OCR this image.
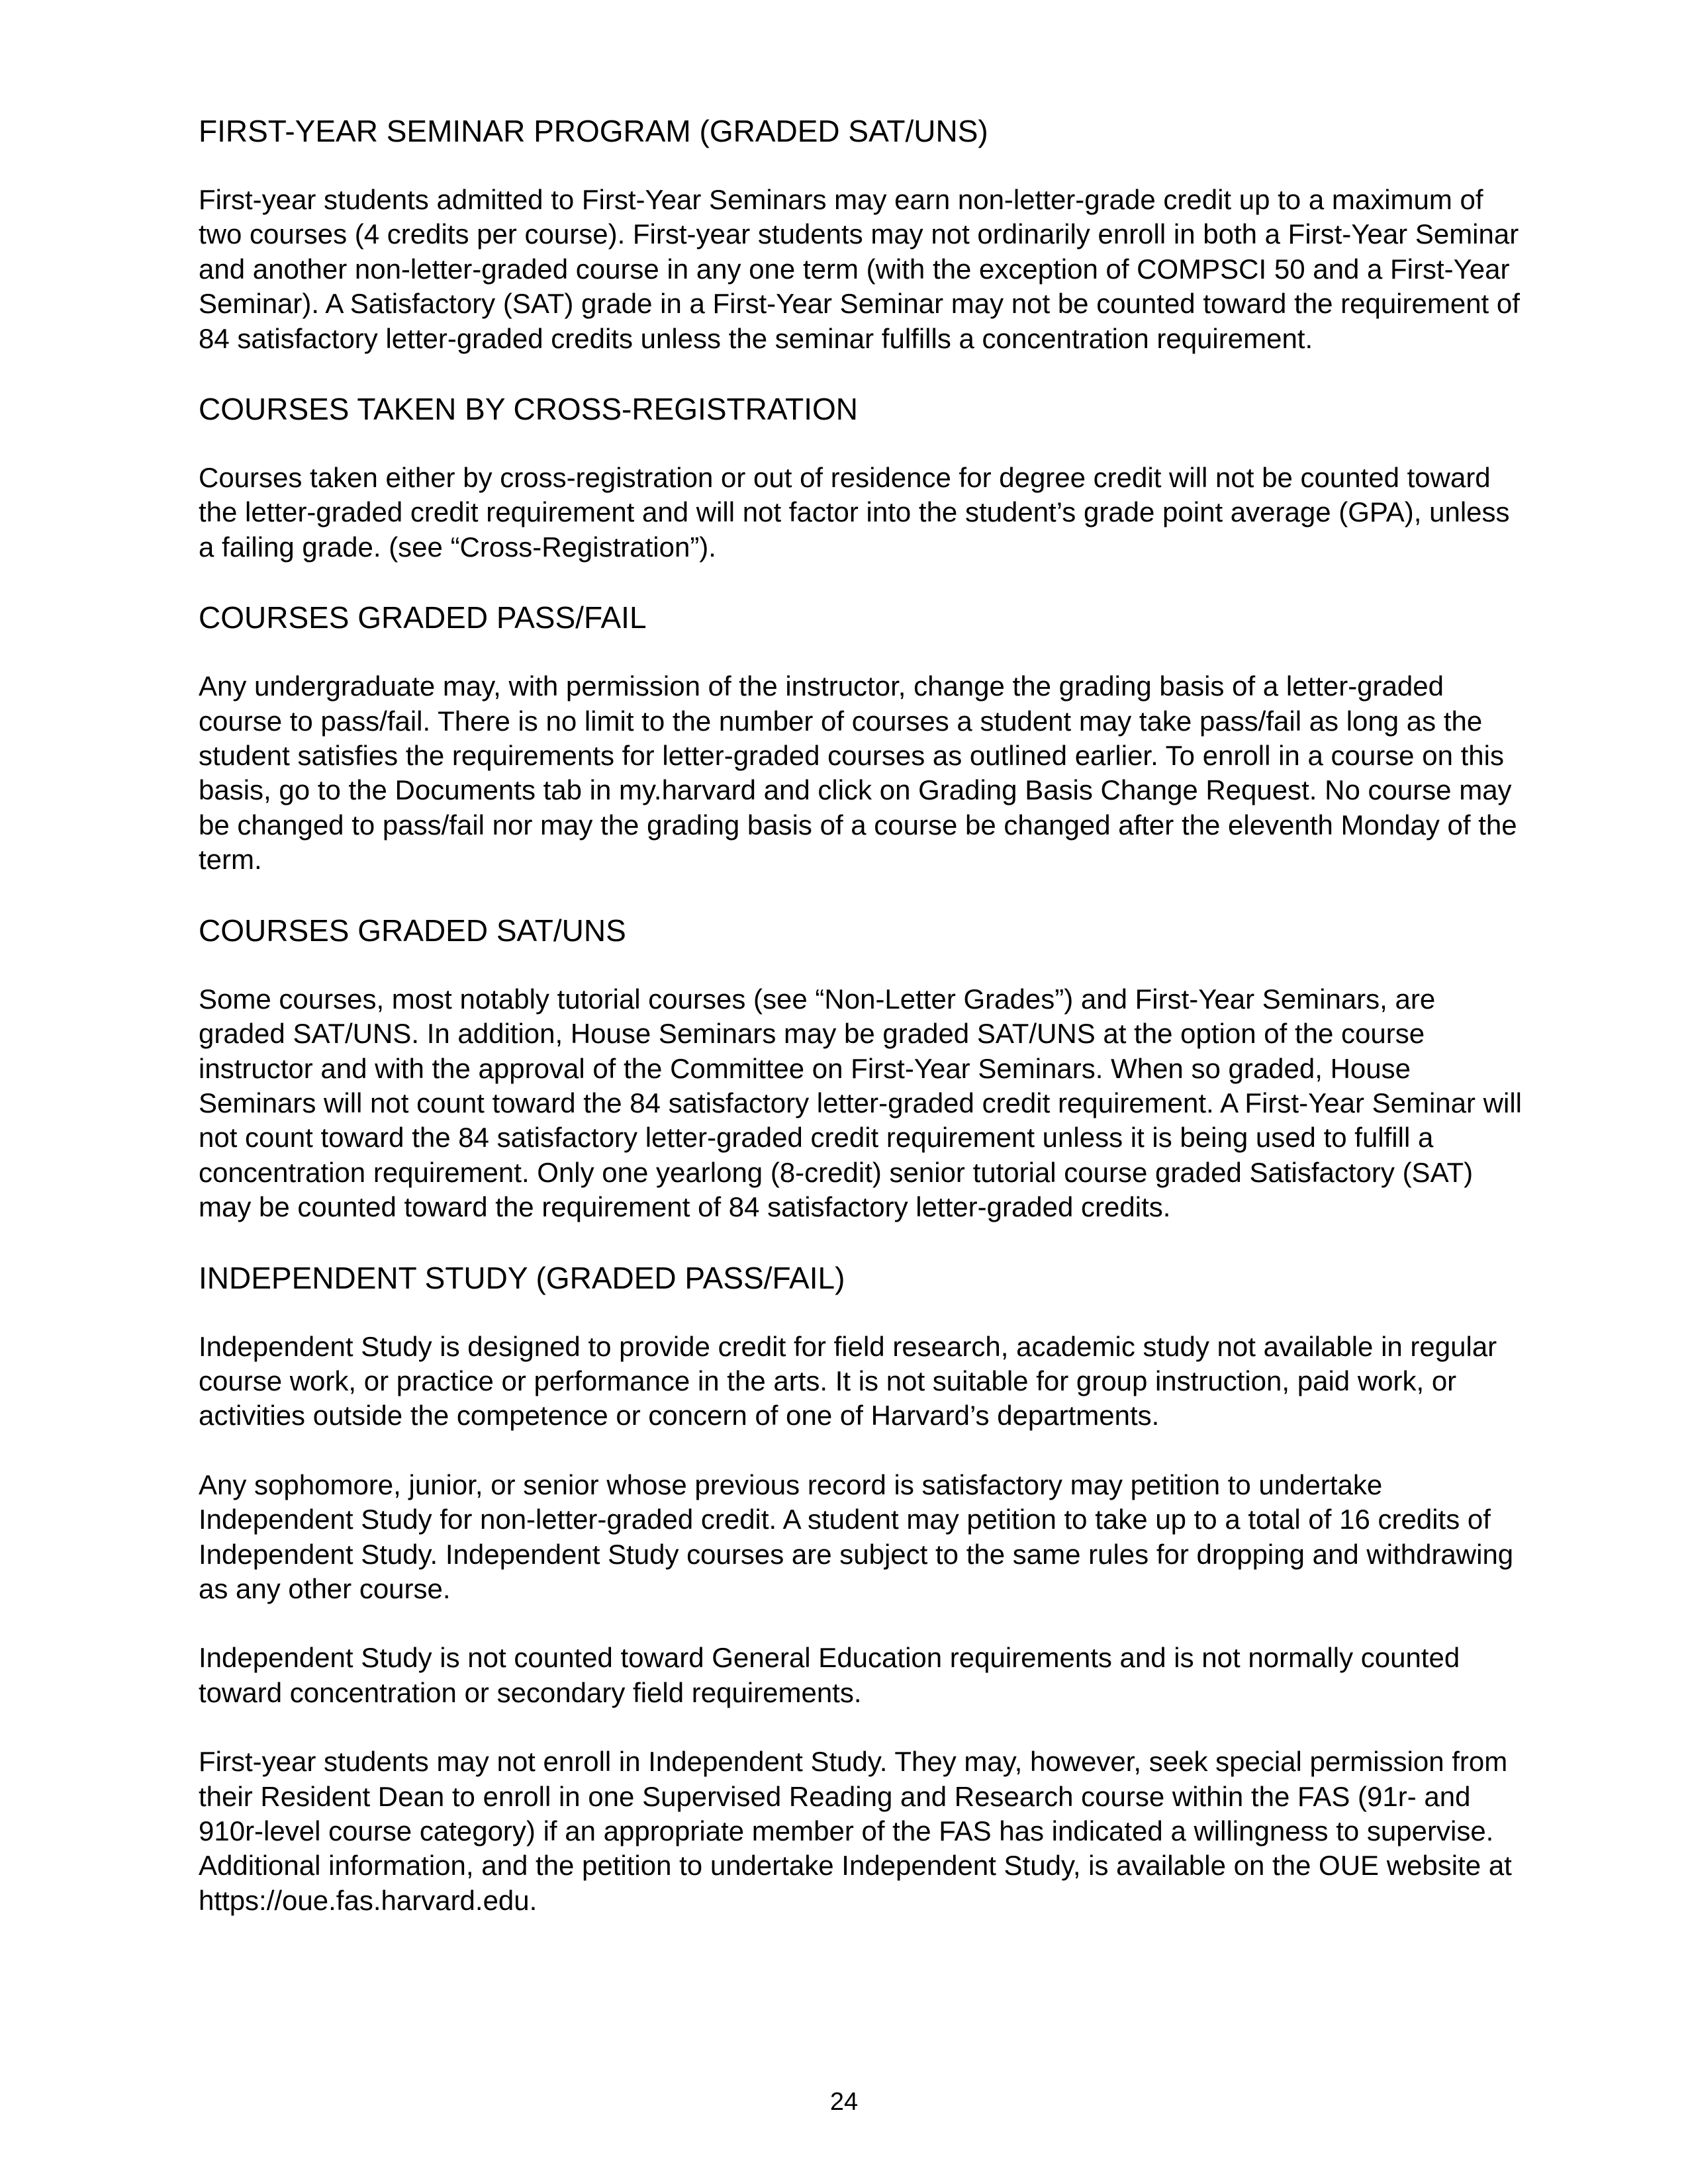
FIRST-YEAR SEMINAR PROGRAM (GRADED SAT/UNS)

First-year students admitted to First-Year Seminars may earn non-letter-grade credit up to a maximum of two courses (4 credits per course). First-year students may not ordinarily enroll in both a First-Year Seminar and another non-letter-graded course in any one term (with the exception of COMPSCI 50 and a First-Year Seminar). A Satisfactory (SAT) grade in a First-Year Seminar may not be counted toward the requirement of 84 satisfactory letter-graded credits unless the seminar fulfills a concentration requirement.

COURSES TAKEN BY CROSS-REGISTRATION

Courses taken either by cross-registration or out of residence for degree credit will not be counted toward the letter-graded credit requirement and will not factor into the student’s grade point average (GPA), unless a failing grade. (see “Cross-Registration”).

COURSES GRADED PASS/FAIL

Any undergraduate may, with permission of the instructor, change the grading basis of a letter-graded course to pass/fail. There is no limit to the number of courses a student may take pass/fail as long as the student satisfies the requirements for letter-graded courses as outlined earlier. To enroll in a course on this basis, go to the Documents tab in my.harvard and click on Grading Basis Change Request. No course may be changed to pass/fail nor may the grading basis of a course be changed after the eleventh Monday of the term.

COURSES GRADED SAT/UNS

Some courses, most notably tutorial courses (see “Non-Letter Grades”) and First-Year Seminars, are graded SAT/UNS. In addition, House Seminars may be graded SAT/UNS at the option of the course instructor and with the approval of the Committee on First-Year Seminars. When so graded, House Seminars will not count toward the 84 satisfactory letter-graded credit requirement. A First-Year Seminar will not count toward the 84 satisfactory letter-graded credit requirement unless it is being used to fulfill a concentration requirement. Only one yearlong (8-credit) senior tutorial course graded Satisfactory (SAT) may be counted toward the requirement of 84 satisfactory letter-graded credits.

INDEPENDENT STUDY (GRADED PASS/FAIL)

Independent Study is designed to provide credit for field research, academic study not available in regular course work, or practice or performance in the arts. It is not suitable for group instruction, paid work, or activities outside the competence or concern of one of Harvard’s departments.

Any sophomore, junior, or senior whose previous record is satisfactory may petition to undertake Independent Study for non-letter-graded credit. A student may petition to take up to a total of 16 credits of Independent Study. Independent Study courses are subject to the same rules for dropping and withdrawing as any other course.

Independent Study is not counted toward General Education requirements and is not normally counted toward concentration or secondary field requirements.

First-year students may not enroll in Independent Study. They may, however, seek special permission from their Resident Dean to enroll in one Supervised Reading and Research course within the FAS (91r- and 910r-level course category) if an appropriate member of the FAS has indicated a willingness to supervise. Additional information, and the petition to undertake Independent Study, is available on the OUE website at https://oue.fas.harvard.edu.

24
